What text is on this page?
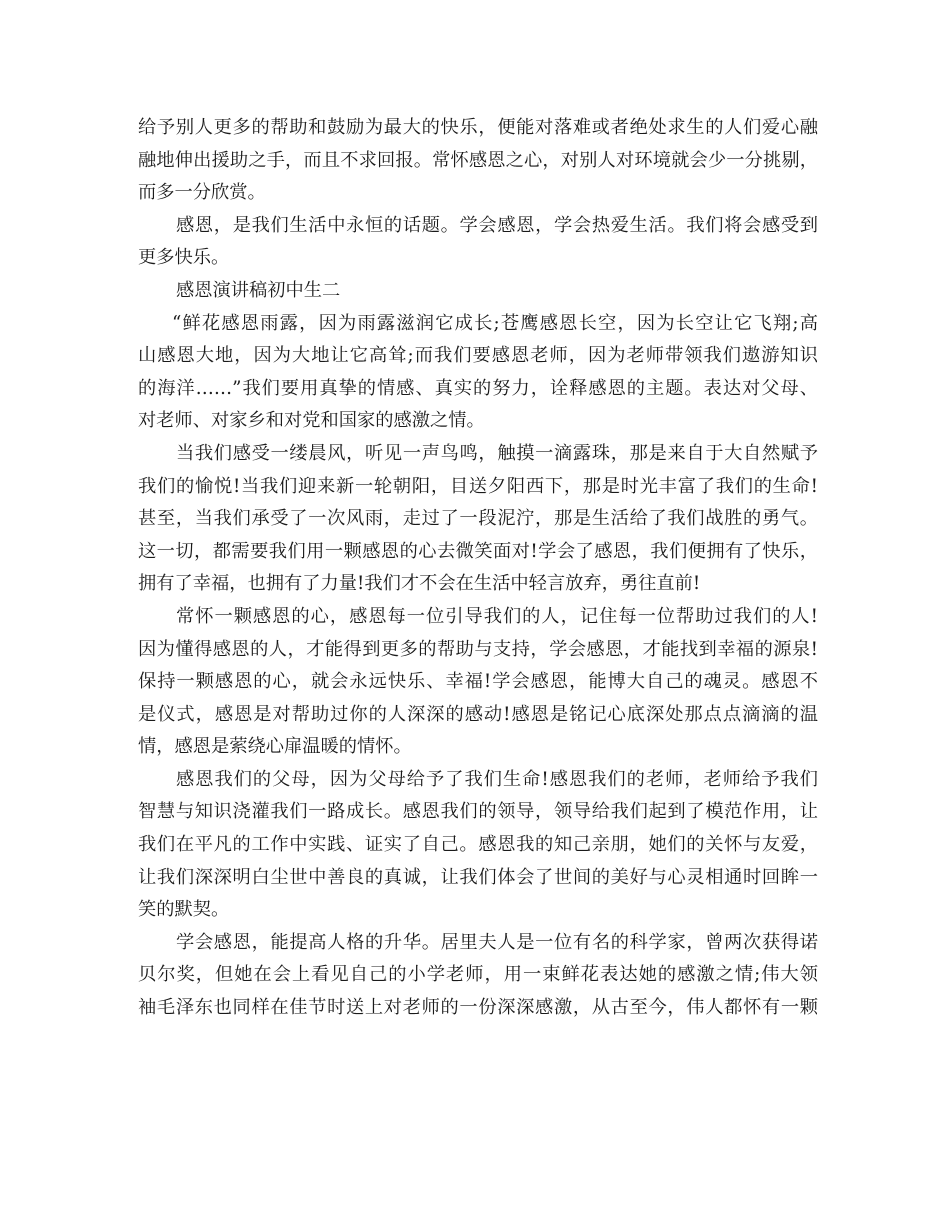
给予别人更多的帮助和鼓励为最大的快乐，便能对落难或者绝处求生的人们爱心融
融地伸出援助之手，而且不求回报。常怀感恩之心，对别人对环境就会少一分挑剔，
而多一分欣赏。
感恩，是我们生活中永恒的话题。学会感恩，学会热爱生活。我们将会感受到
更多快乐。
感恩演讲稿初中生二
“鲜花感恩雨露，因为雨露滋润它成长;苍鹰感恩长空，因为长空让它飞翔;高
山感恩大地，因为大地让它高耸;而我们要感恩老师，因为老师带领我们遨游知识
的海洋……”我们要用真挚的情感、真实的努力，诠释感恩的主题。表达对父母、
对老师、对家乡和对党和国家的感激之情。
当我们感受一缕晨风，听见一声鸟鸣，触摸一滴露珠，那是来自于大自然赋予
我们的愉悦!当我们迎来新一轮朝阳，目送夕阳西下，那是时光丰富了我们的生命!
甚至，当我们承受了一次风雨，走过了一段泥泞，那是生活给了我们战胜的勇气。
这一切，都需要我们用一颗感恩的心去微笑面对!学会了感恩，我们便拥有了快乐，
拥有了幸福，也拥有了力量!我们才不会在生活中轻言放弃，勇往直前!
常怀一颗感恩的心，感恩每一位引导我们的人，记住每一位帮助过我们的人!
因为懂得感恩的人，才能得到更多的帮助与支持，学会感恩，才能找到幸福的源泉!
保持一颗感恩的心，就会永远快乐、幸福!学会感恩，能博大自己的魂灵。感恩不
是仪式，感恩是对帮助过你的人深深的感动!感恩是铭记心底深处那点点滴滴的温
情，感恩是萦绕心扉温暖的情怀。
感恩我们的父母，因为父母给予了我们生命!感恩我们的老师，老师给予我们
智慧与知识浇灌我们一路成长。感恩我们的领导，领导给我们起到了模范作用，让
我们在平凡的工作中实践、证实了自己。感恩我的知己亲朋，她们的关怀与友爱，
让我们深深明白尘世中善良的真诚，让我们体会了世间的美好与心灵相通时回眸一
笑的默契。
学会感恩，能提高人格的升华。居里夫人是一位有名的科学家，曾两次获得诺
贝尔奖，但她在会上看见自己的小学老师，用一束鲜花表达她的感激之情;伟大领
袖毛泽东也同样在佳节时送上对老师的一份深深感激，从古至今，伟人都怀有一颗
